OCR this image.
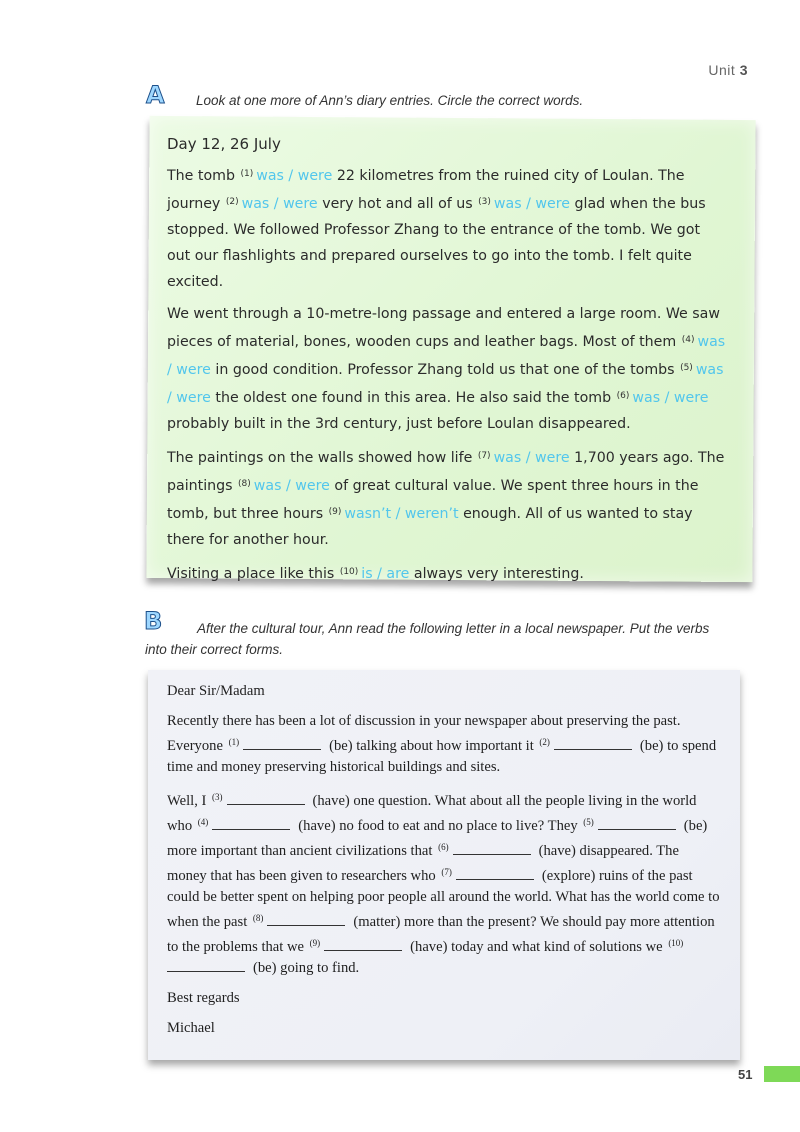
Unit 3
A Look at one more of Ann’s diary entries. Circle the correct words.

Day 12, 26 July

The tomb $^{(1)}$ was / were 22 kilometres from the ruined city of Loulan. The journey $^{(2)}$ was / were very hot and all of us $^{(3)}$ was / were glad when the bus stopped. We followed Professor Zhang to the entrance of the tomb. We got out our flashlights and prepared ourselves to go into the tomb. I felt quite excited.

We went through a 10-metre-long passage and entered a large room. We saw pieces of material, bones, wooden cups and leather bags. Most of them $^{(4)}$ was / were in good condition. Professor Zhang told us that one of the tombs $^{(5)}$ was / were the oldest one found in this area. He also said the tomb $^{(6)}$ was / were probably built in the 3rd century, just before Loulan disappeared.

The paintings on the walls showed how life $^{(7)}$ was / were 1,700 years ago. The paintings $^{(8)}$ was / were of great cultural value. We spent three hours in the tomb, but three hours $^{(9)}$ wasn’t / weren’t enough. All of us wanted to stay there for another hour.

Visiting a place like this $^{(10)}$ is / are always very interesting.

B	After the cultural tour, Ann read the following letter in a local newspaper. Put the verbs into their correct forms.

Dear Sir/Madam

Recently there has been a lot of discussion in your newspaper about preserving the past. Everyone $^{(1)}$	(be) talking about how important it $^{(2)}$	(be) to spend time and money preserving historical buildings and sites.

Well, I $^{(3)}$	(have) one question. What about all the people living in the world who $^{(4)}$	(have) no food to eat and no place to live? They $^{(5)}$	(be) more important than ancient civilizations that $^{(6)}$	(have) disappeared. The money that has been given to researchers who $^{(7)}$	(explore) ruins of the past could be better spent on helping poor people all around the world. What has the world come to when the past $^{(8)}$	(matter) more than the present? We should pay more attention to the problems that we $^{(9)}$	(have) today and what kind of solutions we $^{(10)}$(be) going to find.

Best regards

Michael

51
